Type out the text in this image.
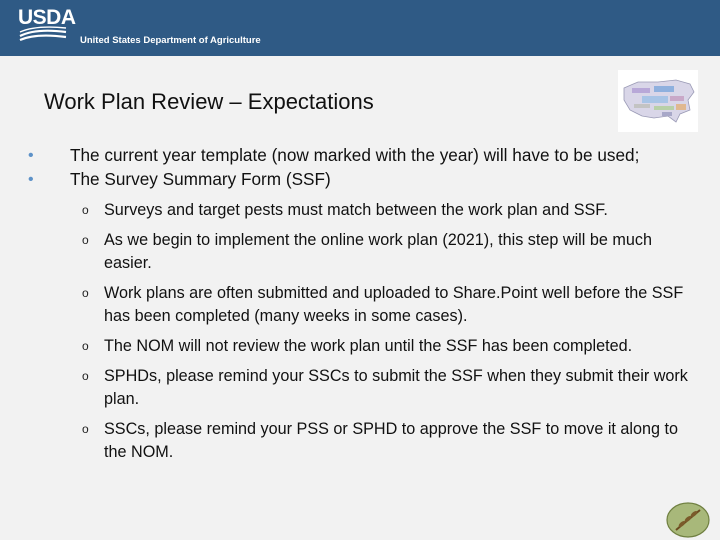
USDA
United States Department of Agriculture
Work Plan Review – Expectations
• The current year template (now marked with the year) will have to be used;
• The Survey Summary Form (SSF)
o Surveys and target pests must match between the work plan and SSF.
o As we begin to implement the online work plan (2021), this step will be much easier.
o Work plans are often submitted and uploaded to Share.Point well before the SSF has been completed (many weeks in some cases).
o The NOM will not review the work plan until the SSF has been completed.
o SPHDs, please remind your SSCs to submit the SSF when they submit their work plan.
o SSCs, please remind your PSS or SPHD to approve the SSF to move it along to the NOM.
